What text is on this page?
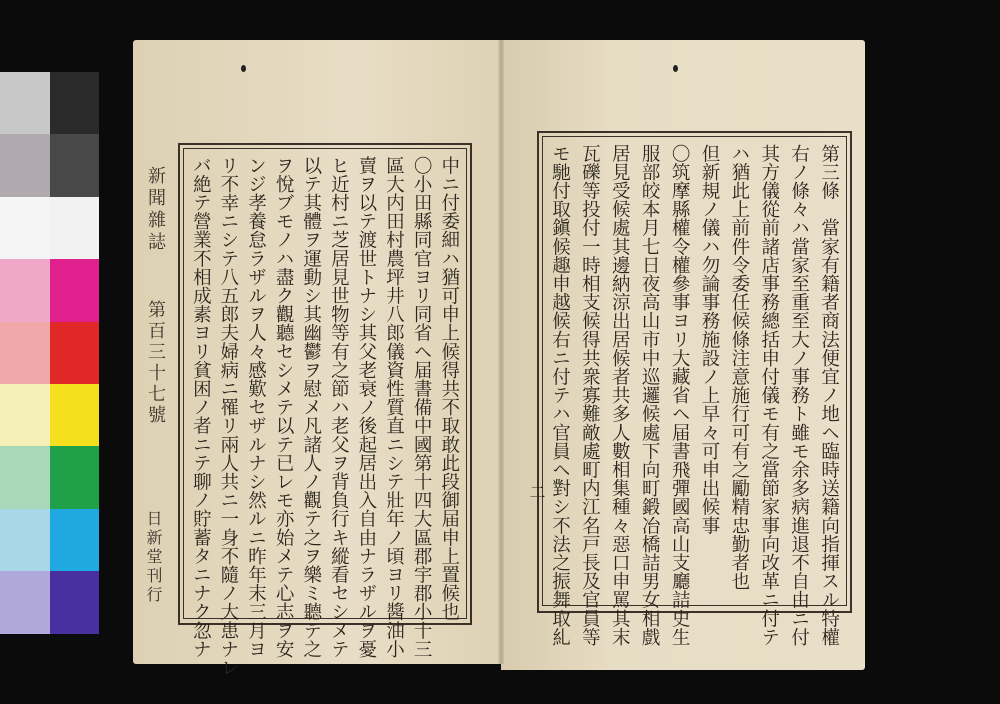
新聞雜誌
第百三十七號
日新堂刊行	中ニ付委細ハ猶可申上候得共不取敢此段御届申上置候也
〇小田縣同官ヨリ同省ヘ届書備中國第十四大區郡宇郡小十三
區大内田村農坪井八郎儀資性質直ニシテ壯年ノ頃ヨリ醬油小
賣ヲ以テ渡世トナシ其父老衰ノ後起居出入自由ナラザルヲ憂
ヒ近村ニ芝居見世物等有之節ハ老父ヲ背負行キ縱看セシメテ
以テ其體ヲ運動シ其幽鬱ヲ慰メ凡諸人ノ觀テ之ヲ樂ミ聽テ之
ヲ悅ブモノハ盡ク觀聽セシメテ以テ已レモ亦始メテ心志ヲ安
ンジ孝養怠ラザルヲ人々感歎セザルナシ然ルニ昨年末三月ヨ
リ不幸ニシテ八五郎夫婦病ニ罹リ兩人共ニ一身不隨ノ大患ナレ
バ絶テ營業不相成素ヨリ貧困ノ者ニテ聊ノ貯蓄タニナク忽ナ	第三條　當家有籍者商法便宜ノ地ヘ臨時送籍向指揮スル特權
右ノ條々ハ當家至重至大ノ事務ト雖モ余多病進退不自由ニ付
其方儀從前諸店事務總括申付儀モ有之當節家事向改革ニ付テ
ハ猶此上前件令委任候條注意施行可有之勵精忠勤者也
但新規ノ儀ハ勿論事務施設ノ上早々可申出候事
〇筑摩縣權令權參事ヨリ大藏省ヘ届書飛彈國高山支廳詰史生
服部皎本月七日夜高山市中巡邏候處下向町鍛冶橋詰男女相戲
居見受候處其邊納涼出居候者共多人數相集種々惡口申罵其末
瓦礫等投付一時相支候得共衆寡難敵處町内江名戸長及官員等
モ馳付取鎭候趣申越候右ニ付テハ官員ヘ對シ不法之振舞取糺
二
